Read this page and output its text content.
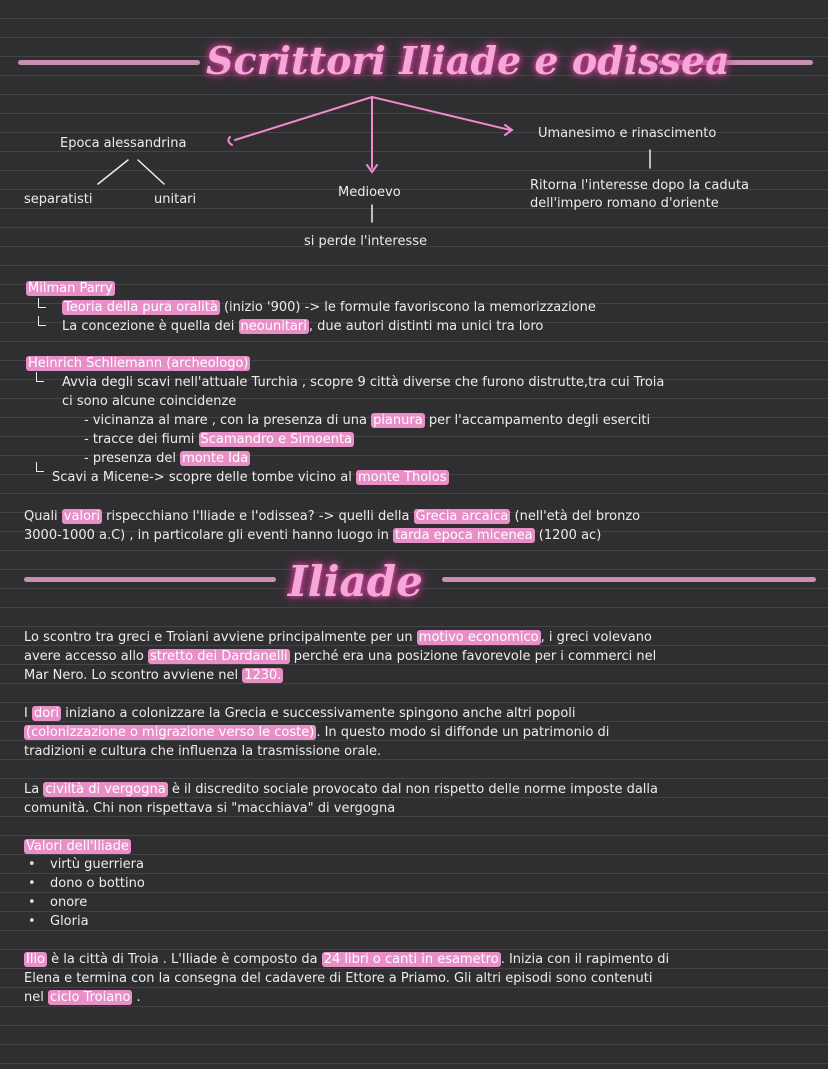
Scrittori Iliade e odissea
Epoca alessandrina
separatisti	unitari	Medioevo
si perde l'interesse
Umanesimo e rinascimento
Ritorna l'interesse dopo la caduta
dell'impero romano d'oriente
Milman Parry
Teoria della pura oralità (inizio '900) -> le formule favoriscono la memorizzazione
La concezione è quella dei neounitari , due autori distinti ma unici tra loro
Heinrich Schliemann (archeologo)
Avvia degli scavi nell'attuale Turchia , scopre 9 città diverse che furono distrutte,tra cui Troia
ci sono alcune coincidenze
- vicinanza al mare , con la presenza di una pianura per l'accampamento degli eserciti
- tracce dei fiumi Scamandro e Simoenta
- presenza del monte Ida
Scavi a Micene-> scopre delle tombe vicino al monte Tholos
Quali valori rispecchiano l'Iliade e l'odissea? -> quelli della Grecia arcaica (nell'età del bronzo
3000-1000 a.C) , in particolare gli eventi hanno luogo in tarda epoca micenea (1200 ac)
Iliade
Lo scontro tra greci e Troiani avviene principalmente per un motivo economico , i greci volevano
avere accesso allo stretto dei Dardanelli perché era una posizione favorevole per i commerci nel
Mar Nero. Lo scontro avviene nel 1230.
I dori iniziano a colonizzare la Grecia e successivamente spingono anche altri popoli
(colonizzazione o migrazione verso le coste) . In questo modo si diffonde un patrimonio di
tradizioni e cultura che influenza la trasmissione orale.
La civiltà di vergogna è il discredito sociale provocato dal non rispetto delle norme imposte dalla
comunità. Chi non rispettava si "macchiava" di vergogna
Valori dell'Iliade
• virtù guerriera
• dono o bottino
• onore
• Gloria
Ilio è la città di Troia . L'Iliade è composto da 24 libri o canti in esametro . Inizia con il rapimento di
Elena e termina con la consegna del cadavere di Ettore a Priamo. Gli altri episodi sono contenuti
nel ciclo Troiano .
